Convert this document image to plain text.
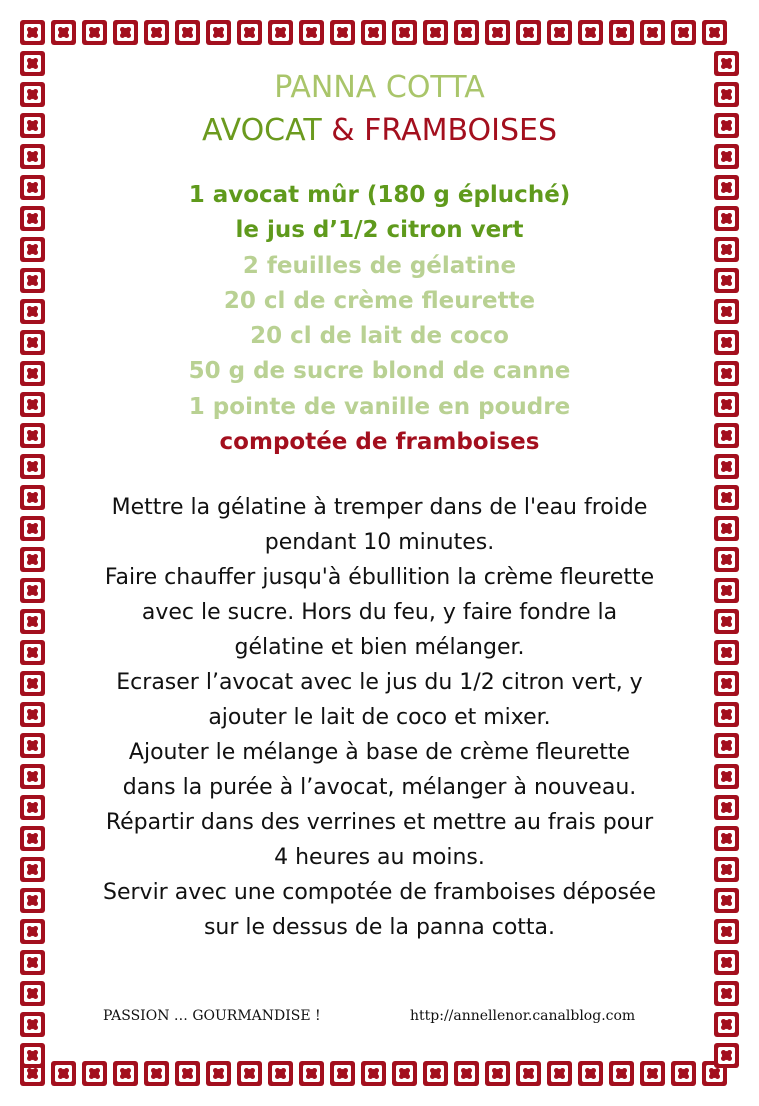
PANNA COTTA
AVOCAT & FRAMBOISES
1 avocat mûr (180 g épluché)
le jus d’1/2 citron vert
2 feuilles de gélatine
20 cl de crème fleurette
20 cl de lait de coco
50 g de sucre blond de canne
1 pointe de vanille en poudre
compotée de framboises
Mettre la gélatine à tremper dans de l'eau froide
pendant 10 minutes.
Faire chauffer jusqu'à ébullition la crème fleurette
avec le sucre. Hors du feu, y faire fondre la
gélatine et bien mélanger.
Ecraser l’avocat avec le jus du 1/2 citron vert, y
ajouter le lait de coco et mixer.
Ajouter le mélange à base de crème fleurette
dans la purée à l’avocat, mélanger à nouveau.
Répartir dans des verrines et mettre au frais pour
4 heures au moins.
Servir avec une compotée de framboises déposée
sur le dessus de la panna cotta.
PASSION … GOURMANDISE !	http://annellenor.canalblog.com
